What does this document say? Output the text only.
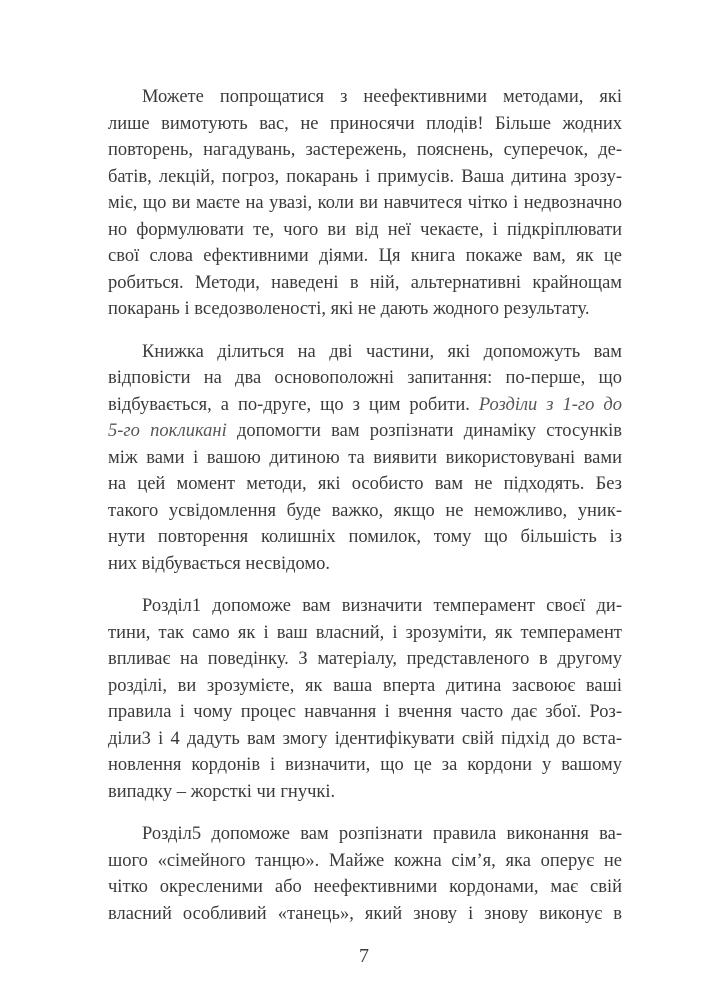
Можете попрощатися з неефективними методами, які
лише вимотують вас, не приносячи плодів! Більше жодних
повторень, нагадувань, застережень, пояснень, суперечок, де-
батів, лекцій, погроз, покарань і примусів. Ваша дитина зрозу-
міє, що ви маєте на увазі, коли ви навчитеся чітко і недвозначно
но формулювати те, чого ви від неї чекаєте, і підкріплювати
свої слова ефективними діями. Ця книга покаже вам, як це
робиться. Методи, наведені в ній, альтернативні крайнощам
покарань і вседозволеності, які не дають жодного результату.
Книжка ділиться на дві частини, які допоможуть вам
відповісти на два основоположні запитання: по-перше, що
відбувається, а по-друге, що з цим робити. Розділи з 1-го до
5-го покликані допомогти вам розпізнати динаміку стосунків
між вами і вашою дитиною та виявити використовувані вами
на цей момент методи, які особисто вам не підходять. Без
такого усвідомлення буде важко, якщо не неможливо, уник-
нути повторення колишніх помилок, тому що більшість із
них відбувається несвідомо.
Розділ1 допоможе вам визначити темперамент своєї ди-
тини, так само як і ваш власний, і зрозуміти, як темперамент
впливає на поведінку. З матеріалу, представленого в другому
розділі, ви зрозумієте, як ваша вперта дитина засвоює ваші
правила і чому процес навчання і вчення часто дає збої. Роз-
діли3 і 4 дадуть вам змогу ідентифікувати свій підхід до вста-
новлення кордонів і визначити, що це за кордони у вашому
випадку – жорсткі чи гнучкі.
Розділ5 допоможе вам розпізнати правила виконання ва-
шого «сімейного танцю». Майже кожна сім’я, яка оперує не
чітко окресленими або неефективними кордонами, має свій
власний особливий «танець», який знову і знову виконує в
7
